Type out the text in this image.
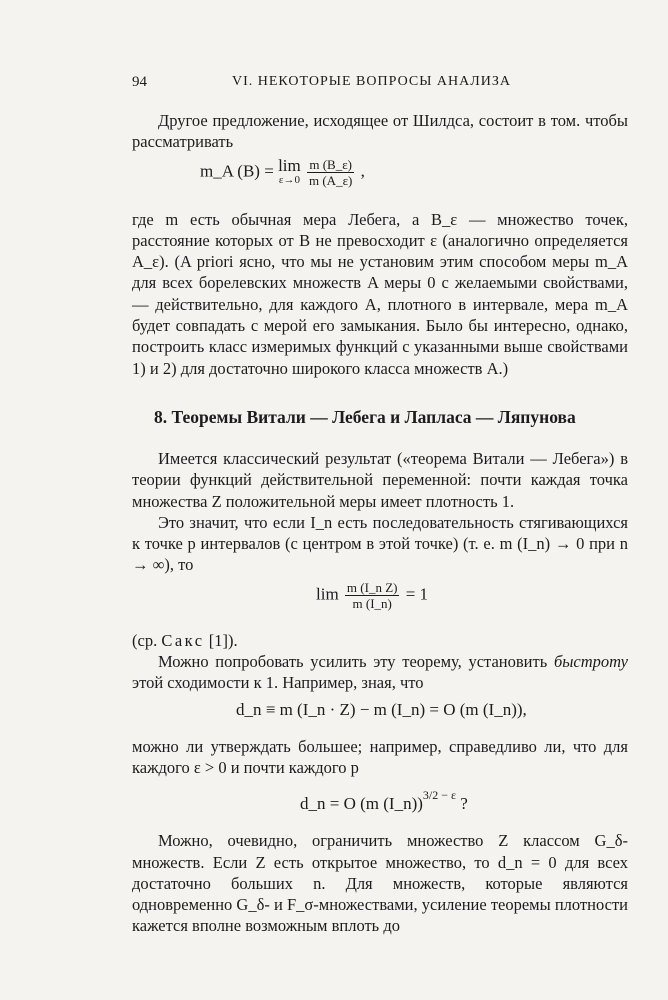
94	VI. НЕКОТОРЫЕ ВОПРОСЫ АНАЛИЗА

Другое предложение, исходящее от Шилдса, состоит в том. чтобы рассматривать

m_A (B) = lim
ε→0
$\frac{m (B\_\varepsilon)}{m (A\_\varepsilon)}$ ,

где m есть обычная мера Лебега, а B_ε — множество точек, расстояние которых от B не превосходит ε (аналогично определяется A_ε). (A priori ясно, что мы не установим этим способом меры m_A для всех борелевских множеств A меры 0 с желаемыми свойствами, — действительно, для каждого A, плотного в интервале, мера m_A будет совпадать с мерой его замыкания. Было бы интересно, однако, построить класс измеримых функций с указанными выше свойствами 1) и 2) для достаточно широкого класса множеств A.)

8. Теоремы Витали — Лебега и Лапласа — Ляпунова

Имеется классический результат («теорема Витали — Лебега») в теории функций действительной переменной: почти каждая точка множества Z положительной меры имеет плотность 1.

Это значит, что если I_n есть последовательность стягивающихся к точке p интервалов (с центром в этой точке) (т. е. m (I_n) → 0 при n → ∞), то

$\lim \frac{\text{m (I\_n Z)}}{m (I\_n)} = 1$

(ср. Сакс [1]).

Можно попробовать усилить эту теорему, установить быстроту этой сходимости к 1. Например, зная, что

d_n ≡ m (I_n · Z) − m (I_n) = O (m (I_n)),

можно ли утверждать большее; например, справедливо ли, что для каждого ε > 0 и почти каждого p

d_n = O (m (I_n))$^{3/2 - \varepsilon}$ ?

Можно, очевидно, ограничить множество Z классом G_δ-множеств. Если Z есть открытое множество, то d_n = 0 для всех достаточно больших n. Для множеств, которые являются одновременно G_δ- и F_σ-множествами, усиление теоремы плотности кажется вполне возможным вплоть до
